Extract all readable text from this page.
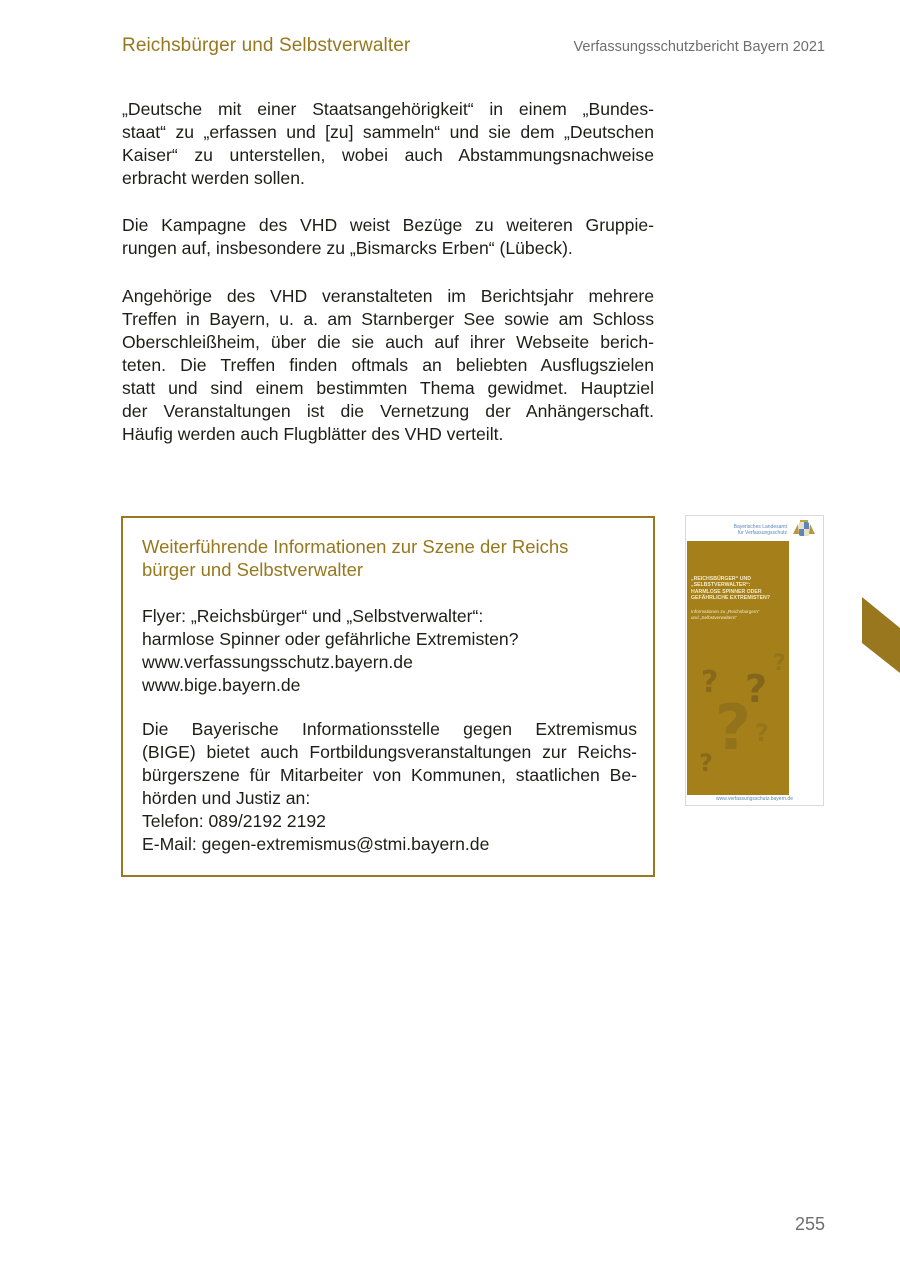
Reichsbürger und Selbstverwalter	Verfassungsschutzbericht Bayern 2021
„Deutsche mit einer Staatsangehörigkeit“ in einem „Bundes-
staat“ zu „erfassen und [zu] sammeln“ und sie dem „Deutschen
Kaiser“ zu unterstellen, wobei auch Abstammungsnachweise
erbracht werden sollen.
Die Kampagne des VHD weist Bezüge zu weiteren Gruppie-
rungen auf, insbesondere zu „Bismarcks Erben“ (Lübeck).
Angehörige des VHD veranstalteten im Berichtsjahr mehrere
Treffen in Bayern, u. a. am Starnberger See sowie am Schloss
Oberschleißheim, über die sie auch auf ihrer Webseite berich-
teten. Die Treffen finden oftmals an beliebten Ausflugszielen
statt und sind einem bestimmten Thema gewidmet. Hauptziel
der Veranstaltungen ist die Vernetzung der Anhängerschaft.
Häufig werden auch Flugblätter des VHD verteilt.
Weiterführende Informationen zur Szene der Reichs
bürger und Selbstverwalter
Flyer: „Reichsbürger“ und „Selbstverwalter“:
harmlose Spinner oder gefährliche Extremisten?
www.verfassungsschutz.bayern.de
www.bige.bayern.de
Die Bayerische Informationsstelle gegen Extremismus
(BIGE) bietet auch Fortbildungsveranstaltungen zur Reichs-
bürgerszene für Mitarbeiter von Kommunen, staatlichen Be-
hörden und Justiz an:
Telefon: 089/2192 2192
E-Mail: gegen-extremismus@stmi.bayern.de
Bayerisches Landesamt
für Verfassungsschutz
„REICHSBÜRGER“ UND
„SELBSTVERWALTER“:
HARMLOSE SPINNER ODER
GEFÄHRLICHE EXTREMISTEN?
Informationen zu „Reichsbürgern“
und „Selbstverwaltern“
? ?
?
? ?
?
www.verfassungsschutz.bayern.de
255
